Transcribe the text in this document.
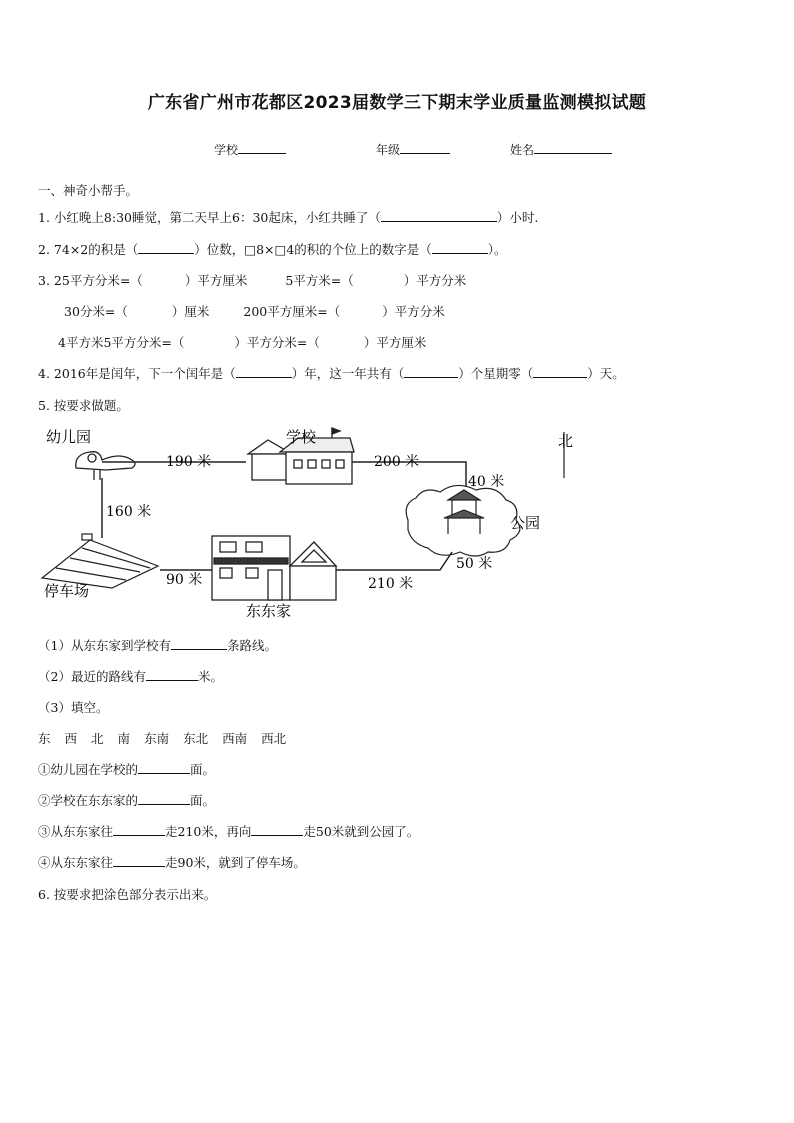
广东省广州市花都区2023届数学三下期末学业质量监测模拟试题
学校	年级	姓名
一、神奇小帮手。
1. 小红晚上8:30睡觉，第二天早上6：30起床，小红共睡了（	）小时.
2. 74×2的积是（	）位数，□8×□4的积的个位上的数字是（	）。
3. 25平方分米=（	）平方厘米	5平方米=（	）平方分米
30分米=（	）厘米	200平方厘米=（	）平方分米
4平方米5平方分米=（	）平方分米=（	）平方厘米
4. 2016年是闰年，下一个闰年是（	）年，这一年共有（	）个星期零（	）天。
5. 按要求做题。
幼儿园	学校
190 米	200 米
40 米
北
公园
160 米
停车场
东东家
90 米	210 米
50 米
（1）从东东家到学校有	条路线。
（2）最近的路线有	米。
（3）填空。
东 西 北 南 东南 东北 西南 西北
①幼儿园在学校的	面。
②学校在东东家的	面。
③从东东家往	走210米，再向	走50米就到公园了。
④从东东家往	走90米，就到了停车场。
6. 按要求把涂色部分表示出来。
